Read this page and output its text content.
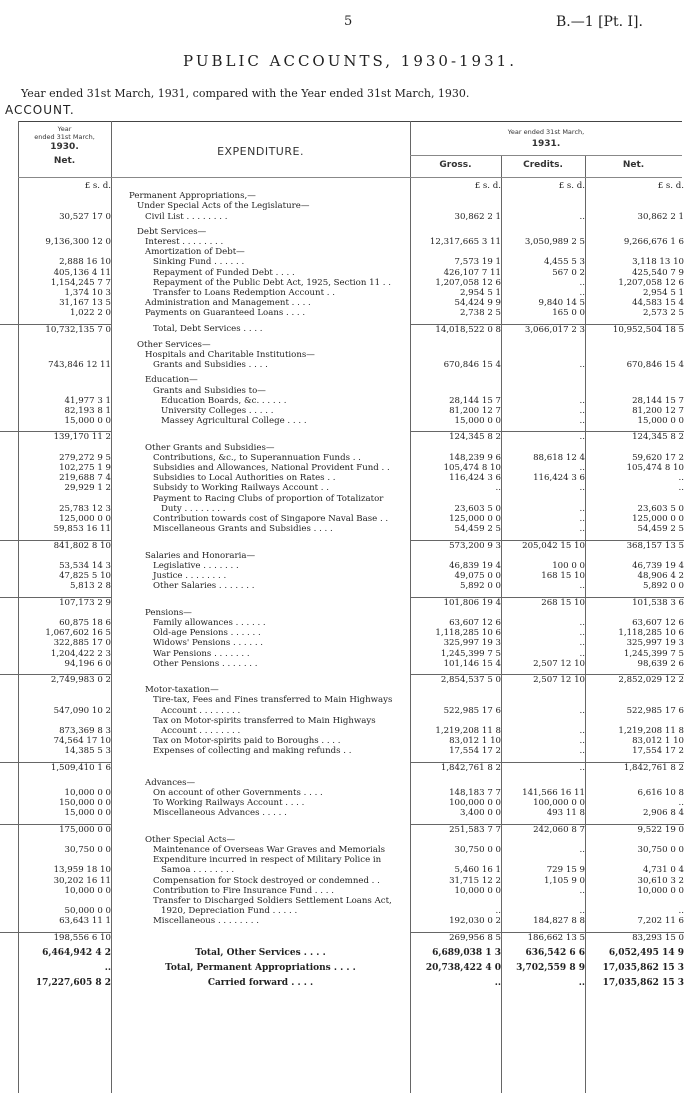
5	B.—1 [Pt. I].
PUBLIC ACCOUNTS, 1930-1931.
Year ended 31st March, 1931, compared with the Year ended 31st March, 1930.
ACCOUNT.
Year
ended 31st March,
1930.
Net.
EXPENDITURE.
Year ended 31st March,
1931.
Gross.	Credits.	Net.
£ s. d.		£ s. d.	£ s. d.	£ s. d.
	Permanent Appropriations,—			
	Under Special Acts of the Legislature—			
30,527 17 0	Civil List . . . . . . . .	30,862 2 1	..	30,862 2 1

	Debt Services—			
9,136,300 12 0	Interest . . . . . . . .	12,317,665 3 11	3,050,989 2 5	9,266,676 1 6
	Amortization of Debt—			
2,888 16 10	Sinking Fund . . . . . .	7,573 19 1	4,455 5 3	3,118 13 10
405,136 4 11	Repayment of Funded Debt . . . .	426,107 7 11	567 0 2	425,540 7 9
1,154,245 7 7	Repayment of the Public Debt Act, 1925, Section 11 . .	1,207,058 12 6	..	1,207,058 12 6
1,374 10 3	Transfer to Loans Redemption Account . .	2,954 5 1	..	2,954 5 1
31,167 13 5	Administration and Management . . . .	54,424 9 9	9,840 14 5	44,583 15 4
1,022 2 0	Payments on Guaranteed Loans . . . .	2,738 2 5	165 0 0	2,573 2 5

10,732,135 7 0	Total, Debt Services . . . .	14,018,522 0 8	3,066,017 2 3	10,952,504 18 5

	Other Services—			
	Hospitals and Charitable Institutions—			
743,846 12 11	Grants and Subsidies . . . .	670,846 15 4	..	670,846 15 4

	Education—			
	Grants and Subsidies to—			
41,977 3 1	Education Boards, &c. . . . . .	28,144 15 7	..	28,144 15 7
82,193 8 1	University Colleges . . . . .	81,200 12 7	..	81,200 12 7
15,000 0 0	Massey Agricultural College . . . .	15,000 0 0	..	15,000 0 0

139,170 11 2		124,345 8 2	..	124,345 8 2
	Other Grants and Subsidies—			
279,272 9 5	Contributions, &c., to Superannuation Funds . .	148,239 9 6	88,618 12 4	59,620 17 2
102,275 1 9	Subsidies and Allowances, National Provident Fund . .	105,474 8 10	..	105,474 8 10
219,688 7 4	Subsidies to Local Authorities on Rates . .	116,424 3 6	116,424 3 6	..
29,929 1 2	Subsidy to Working Railways Account . .	..	..	..
	Payment to Racing Clubs of proportion of Totalizator			
25,783 12 3	Duty . . . . . . . .	23,603 5 0	..	23,603 5 0
125,000 0 0	Contribution towards cost of Singapore Naval Base . .	125,000 0 0	..	125,000 0 0
59,853 16 11	Miscellaneous Grants and Subsidies . . . .	54,459 2 5	..	54,459 2 5

841,802 8 10		573,200 9 3	205,042 15 10	368,157 13 5
	Salaries and Honoraria—			
53,534 14 3	Legislative . . . . . . .	46,839 19 4	100 0 0	46,739 19 4
47,825 5 10	Justice . . . . . . . .	49,075 0 0	168 15 10	48,906 4 2
5,813 2 8	Other Salaries . . . . . . .	5,892 0 0	..	5,892 0 0

107,173 2 9		101,806 19 4	268 15 10	101,538 3 6
	Pensions—			
60,875 18 6	Family allowances . . . . . .	63,607 12 6	..	63,607 12 6
1,067,602 16 5	Old-age Pensions . . . . . .	1,118,285 10 6	..	1,118,285 10 6
322,885 17 0	Widows' Pensions . . . . . .	325,997 19 3	..	325,997 19 3
1,204,422 2 3	War Pensions . . . . . . .	1,245,399 7 5	..	1,245,399 7 5
94,196 6 0	Other Pensions . . . . . . .	101,146 15 4	2,507 12 10	98,639 2 6

2,749,983 0 2		2,854,537 5 0	2,507 12 10	2,852,029 12 2
	Motor-taxation—			
	Tire-tax, Fees and Fines transferred to Main Highways			
547,090 10 2	Account . . . . . . . .	522,985 17 6	..	522,985 17 6
	Tax on Motor-spirits transferred to Main Highways			
873,369 8 3	Account . . . . . . . .	1,219,208 11 8	..	1,219,208 11 8
74,564 17 10	Tax on Motor-spirits paid to Boroughs . . . .	83,012 1 10	..	83,012 1 10
14,385 5 3	Expenses of collecting and making refunds . .	17,554 17 2	..	17,554 17 2

1,509,410 1 6		1,842,761 8 2	..	1,842,761 8 2

	Advances—			
10,000 0 0	On account of other Governments . . . .	148,183 7 7	141,566 16 11	6,616 10 8
150,000 0 0	To Working Railways Account . . . .	100,000 0 0	100,000 0 0	..
15,000 0 0	Miscellaneous Advances . . . . .	3,400 0 0	493 11 8	2,906 8 4

175,000 0 0		251,583 7 7	242,060 8 7	9,522 19 0
	Other Special Acts—			
30,750 0 0	Maintenance of Overseas War Graves and Memorials	30,750 0 0	..	30,750 0 0
	Expenditure incurred in respect of Military Police in			
13,959 18 10	Samoa . . . . . . . .	5,460 16 1	729 15 9	4,731 0 4
30,202 16 11	Compensation for Stock destroyed or condemned . .	31,715 12 2	1,105 9 0	30,610 3 2
10,000 0 0	Contribution to Fire Insurance Fund . . . .	10,000 0 0	..	10,000 0 0
	Transfer to Discharged Soldiers Settlement Loans Act,			
50,000 0 0	1920, Depreciation Fund . . . . .	..	..	..
63,643 11 1	Miscellaneous . . . . . . . .	192,030 0 2	184,827 8 8	7,202 11 6

198,556 6 10		269,956 8 5	186,662 13 5	83,293 15 0

6,464,942 4 2	Total, Other Services . . . .	6,689,038 1 3	636,542 6 6	6,052,495 14 9

..	Total, Permanent Appropriations . . . .	20,738,422 4 0	3,702,559 8 9	17,035,862 15 3

17,227,605 8 2	Carried forward . . . .	..	..	17,035,862 15 3
